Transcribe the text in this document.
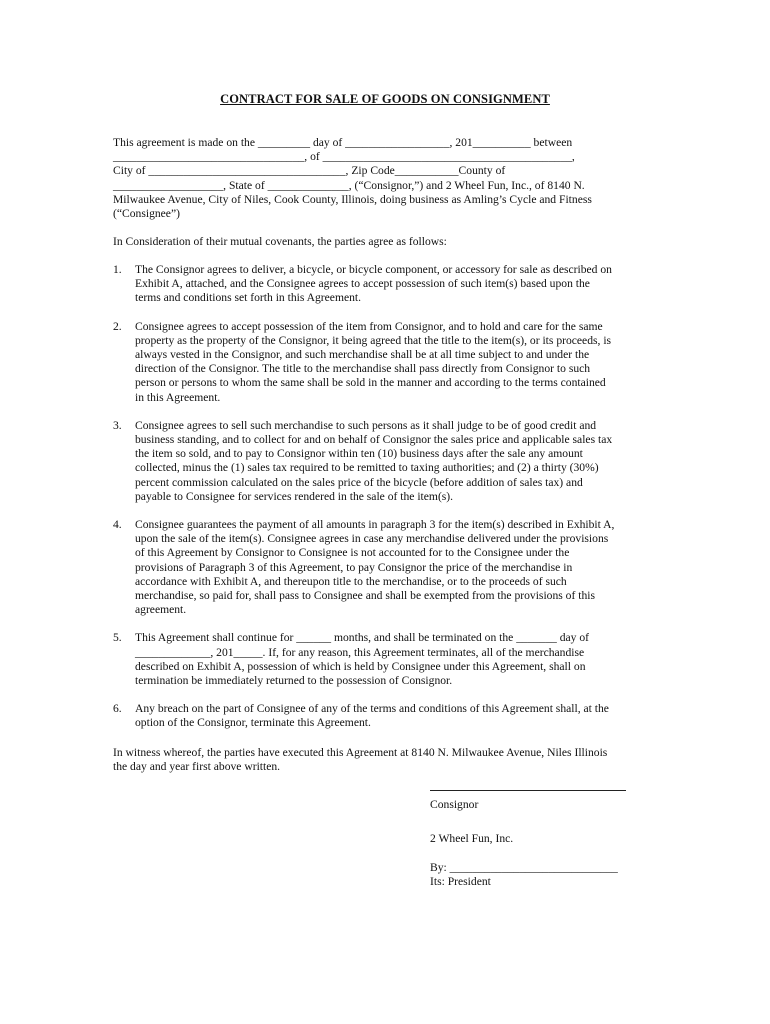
CONTRACT FOR SALE OF GOODS ON CONSIGNMENT

This agreement is made on the _________ day of __________________, 201__________ between

_________________________________, of ___________________________________________,

City of __________________________________, Zip Code___________County of

___________________, State of ______________, (“Consignor,”) and 2 Wheel Fun, Inc., of 8140 N.

Milwaukee Avenue, City of Niles, Cook County, Illinois, doing business as Amling’s Cycle and Fitness

(“Consignee”)

In Consideration of their mutual covenants, the parties agree as follows:

1. The Consignor agrees to deliver, a bicycle, or bicycle component, or accessory for sale as described on
Exhibit A, attached, and the Consignee agrees to accept possession of such item(s) based upon the
terms and conditions set forth in this Agreement.
2. Consignee agrees to accept possession of the item from Consignor, and to hold and care for the same
property as the property of the Consignor, it being agreed that the title to the item(s), or its proceeds, is
always vested in the Consignor, and such merchandise shall be at all time subject to and under the
direction of the Consignor. The title to the merchandise shall pass directly from Consignor to such
person or persons to whom the same shall be sold in the manner and according to the terms contained
in this Agreement.
3. Consignee agrees to sell such merchandise to such persons as it shall judge to be of good credit and
business standing, and to collect for and on behalf of Consignor the sales price and applicable sales tax
the item so sold, and to pay to Consignor within ten (10) business days after the sale any amount
collected, minus the (1) sales tax required to be remitted to taxing authorities; and (2) a thirty (30%)
percent commission calculated on the sales price of the bicycle (before addition of sales tax) and
payable to Consignee for services rendered in the sale of the item(s).
4. Consignee guarantees the payment of all amounts in paragraph 3 for the item(s) described in Exhibit A,
upon the sale of the item(s). Consignee agrees in case any merchandise delivered under the provisions
of this Agreement by Consignor to Consignee is not accounted for to the Consignee under the
provisions of Paragraph 3 of this Agreement, to pay Consignor the price of the merchandise in
accordance with Exhibit A, and thereupon title to the merchandise, or to the proceeds of such
merchandise, so paid for, shall pass to Consignee and shall be exempted from the provisions of this
agreement.
5. This Agreement shall continue for ______ months, and shall be terminated on the _______ day of
_____________, 201_____. If, for any reason, this Agreement terminates, all of the merchandise
described on Exhibit A, possession of which is held by Consignee under this Agreement, shall on
termination be immediately returned to the possession of Consignor.
6. Any breach on the part of Consignee of any of the terms and conditions of this Agreement shall, at the
option of the Consignor, terminate this Agreement.

In witness whereof, the parties have executed this Agreement at 8140 N. Milwaukee Avenue, Niles Illinois

the day and year first above written.

Consignor
2 Wheel Fun, Inc.
By: _____________________________
Its: President
